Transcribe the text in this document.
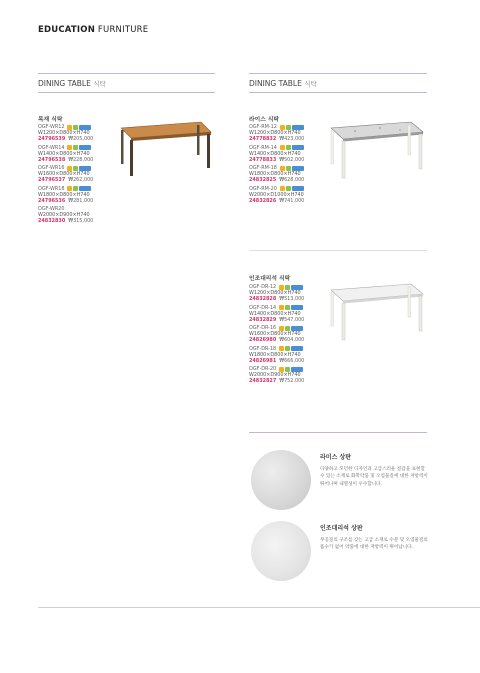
EDUCATION FURNITURE
DINING TABLE 식탁
목재 식탁
OGF-WR12
W1200×D800×H740
24796539 ₩205,000
OGF-WR14
W1400×D800×H740
24796538 ₩228,000
OGF-WR16
W1600×D800×H740
24796537 ₩262,000
OGF-WR18
W1800×D800×H740
24796536 ₩281,000
OGF-WR20
W2000×D900×H740
24832830 ₩315,000
DINING TABLE 식탁
라이스 식탁
OGF-RM-12
W1200×D800×H740
24778832 ₩423,000
OGF-RM-14
W1400×D800×H740
24778833 ₩502,000
OGF-RM-18
W1800×D800×H740
24832825 ₩628,000
OGF-RM-20
W2000×D1000×H740
24832826 ₩741,000
인조대리석 식탁
OGF-DR-12
W1200×D800×H740
24832828 ₩513,000
OGF-DR-14
W1400×D800×H740
24832829 ₩547,000
OGF-DR-16
W1600×D800×H740
24826980 ₩604,000
OGF-DR-18
W1800×D800×H740
24826981 ₩666,000
OGF-DR-20
W2000×D900×H740
24832827 ₩752,000
라미스 상판
다양하고 모던한 디자인과 고급스러운 질감을 표현할 수 있는 소재로 화학약품 및 오염물질에 대한 저항력이 뛰어나며 내열성이 우수합니다.
인조대리석 상판
무공질의 구조를 갖는 고급 소재로 수분 및 오염물질의 흡수가 없어 약품에 대한 저항력이 뛰어납니다.
